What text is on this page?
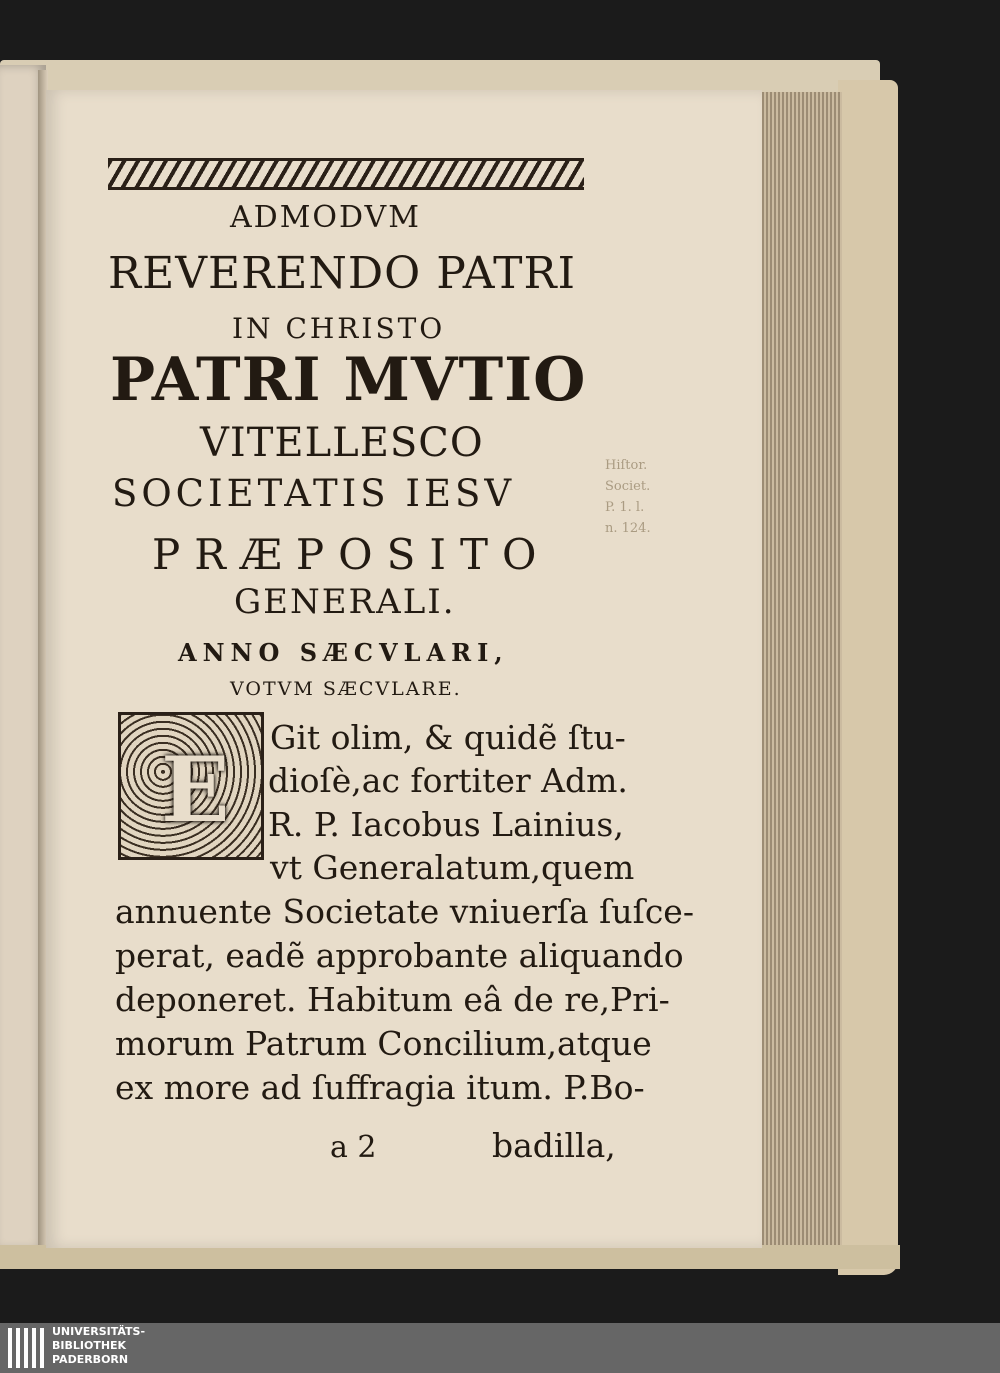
Hiſtor.
Societ.
P. 1. l.
n. 124.
ADMODVM
REVERENDO PATRI
IN CHRISTO
PATRI MVTIO
VITELLESCO
SOCIETATIS IESV
PRÆPOSITO
GENERALI.
ANNO SÆCVLARI,
VOTVM SÆCVLARE.
E Git olim, & quidẽ ſtu-
dioſè,ac fortiter Adm.
R. P. Iacobus Lainius,
vt Generalatum,quem
annuente Societate vniuerſa ſuſce-
perat, eadẽ approbante aliquando
deponeret. Habitum eâ de re,Pri-
morum Patrum Concilium,atque
ex more ad ſuffragia itum. P.Bo-
a 2	badilla,
UNIVERSITÄTS-
BIBLIOTHEK
PADERBORN
